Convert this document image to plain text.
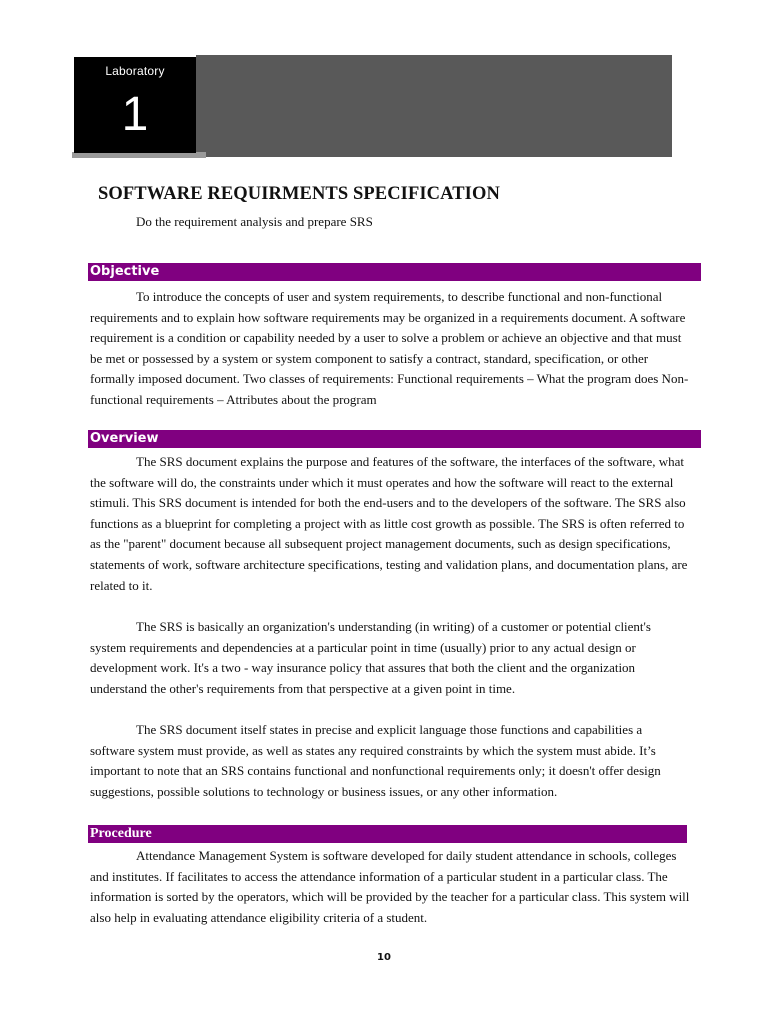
Laboratory
1
SOFTWARE REQUIRMENTS SPECIFICATION
Do the requirement analysis and prepare SRS
Objective

To introduce the concepts of user and system requirements, to describe functional and non-functional requirements and to explain how software requirements may be organized in a requirements document. A software requirement is a condition or capability needed by a user to solve a problem or achieve an objective and that must be met or possessed by a system or system component to satisfy a contract, standard, specification, or other formally imposed document. Two classes of requirements: Functional requirements – What the program does Non-functional requirements – Attributes about the program

Overview

The SRS document explains the purpose and features of the software, the interfaces of the software, what the software will do, the constraints under which it must operates and how the software will react to the external stimuli. This SRS document is intended for both the end-users and to the developers of the software. The SRS also functions as a blueprint for completing a project with as little cost growth as possible. The SRS is often referred to as the "parent" document because all subsequent project management documents, such as design specifications, statements of work, software architecture specifications, testing and validation plans, and documentation plans, are related to it.

The SRS is basically an organization's understanding (in writing) of a customer or potential client's system requirements and dependencies at a particular point in time (usually) prior to any actual design or development work. It's a two - way insurance policy that assures that both the client and the organization understand the other's requirements from that perspective at a given point in time.

The SRS document itself states in precise and explicit language those functions and capabilities a software system must provide, as well as states any required constraints by which the system must abide. It’s important to note that an SRS contains functional and nonfunctional requirements only; it doesn't offer design suggestions, possible solutions to technology or business issues, or any other information.

Procedure

Attendance Management System is software developed for daily student attendance in schools, colleges and institutes. If facilitates to access the attendance information of a particular student in a particular class. The information is sorted by the operators, which will be provided by the teacher for a particular class. This system will also help in evaluating attendance eligibility criteria of a student.

10
